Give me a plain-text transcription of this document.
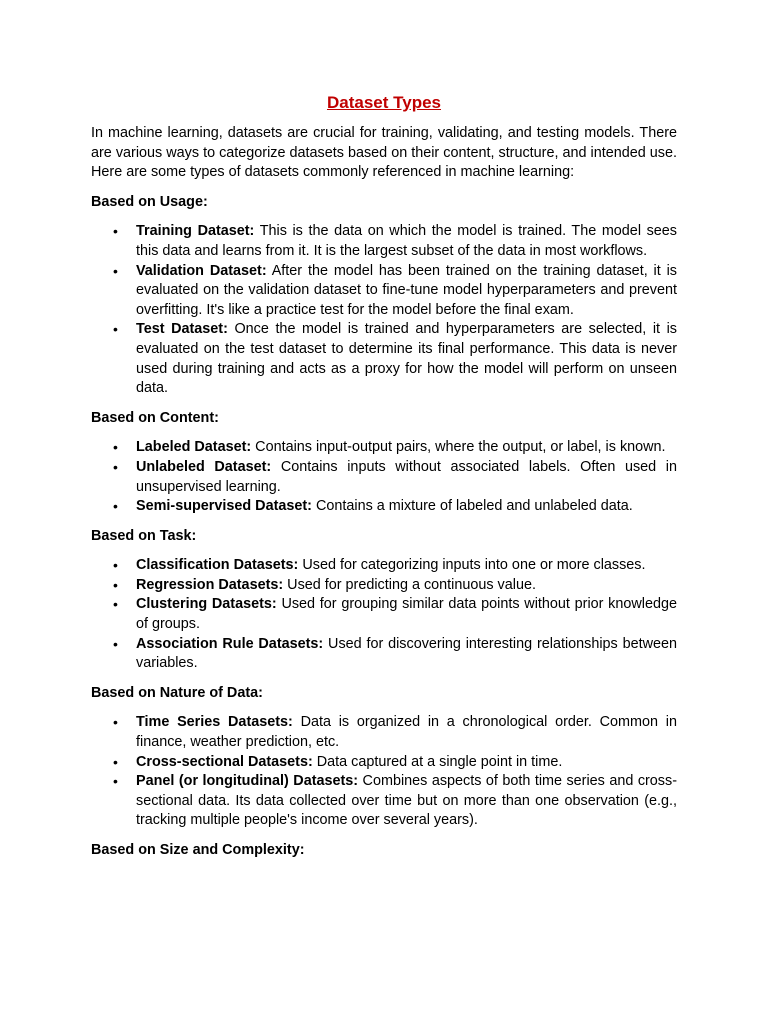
Dataset Types

In machine learning, datasets are crucial for training, validating, and testing models. There are various ways to categorize datasets based on their content, structure, and intended use. Here are some types of datasets commonly referenced in machine learning:

Based on Usage:
• Training Dataset: This is the data on which the model is trained. The model sees this data and learns from it. It is the largest subset of the data in most workflows.
• Validation Dataset: After the model has been trained on the training dataset, it is evaluated on the validation dataset to fine-tune model hyperparameters and prevent overfitting. It's like a practice test for the model before the final exam.
• Test Dataset: Once the model is trained and hyperparameters are selected, it is evaluated on the test dataset to determine its final performance. This data is never used during training and acts as a proxy for how the model will perform on unseen data.
Based on Content:
• Labeled Dataset: Contains input-output pairs, where the output, or label, is known.
• Unlabeled Dataset: Contains inputs without associated labels. Often used in unsupervised learning.
• Semi-supervised Dataset: Contains a mixture of labeled and unlabeled data.
Based on Task:
• Classification Datasets: Used for categorizing inputs into one or more classes.
• Regression Datasets: Used for predicting a continuous value.
• Clustering Datasets: Used for grouping similar data points without prior knowledge of groups.
• Association Rule Datasets: Used for discovering interesting relationships between variables.
Based on Nature of Data:
• Time Series Datasets: Data is organized in a chronological order. Common in finance, weather prediction, etc.
• Cross-sectional Datasets: Data captured at a single point in time.
• Panel (or longitudinal) Datasets: Combines aspects of both time series and cross-sectional data. Its data collected over time but on more than one observation (e.g., tracking multiple people's income over several years).
Based on Size and Complexity:
